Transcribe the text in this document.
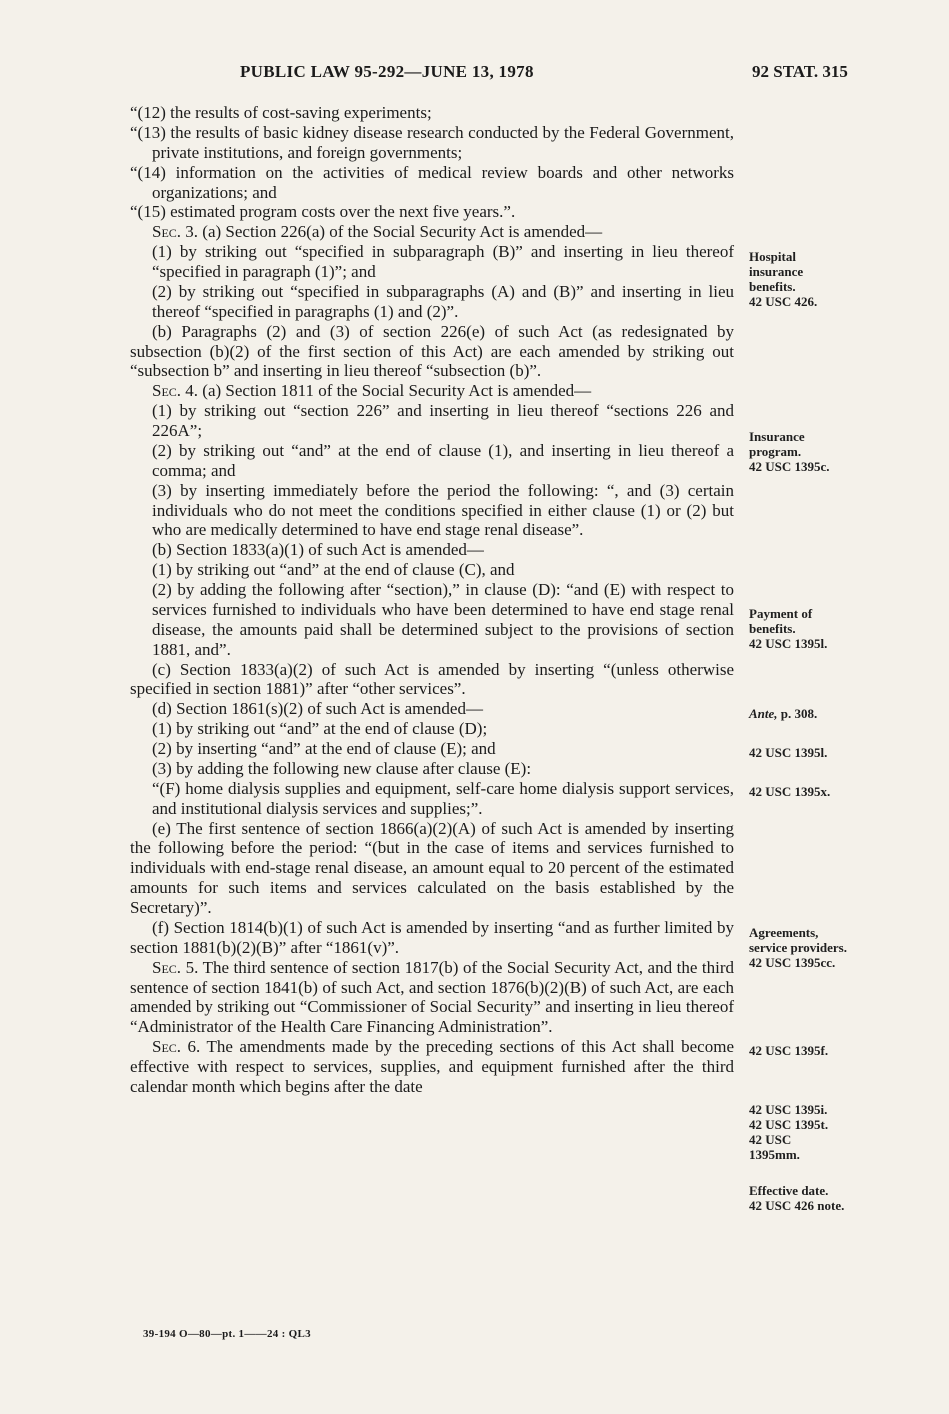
PUBLIC LAW 95-292—JUNE 13, 1978	92 STAT. 315

“(12) the results of cost-saving experiments;

“(13) the results of basic kidney disease research conducted by the Federal Government, private institutions, and foreign governments;

“(14) information on the activities of medical review boards and other networks organizations; and

“(15) estimated program costs over the next five years.”.

Sec. 3. (a) Section 226(a) of the Social Security Act is amended—

(1) by striking out “specified in subparagraph (B)” and inserting in lieu thereof “specified in paragraph (1)”; and

(2) by striking out “specified in subparagraphs (A) and (B)” and inserting in lieu thereof “specified in paragraphs (1) and (2)”.

(b) Paragraphs (2) and (3) of section 226(e) of such Act (as redesignated by subsection (b)(2) of the first section of this Act) are each amended by striking out “subsection b” and inserting in lieu thereof “subsection (b)”.

Sec. 4. (a) Section 1811 of the Social Security Act is amended—

(1) by striking out “section 226” and inserting in lieu thereof “sections 226 and 226A”;

(2) by striking out “and” at the end of clause (1), and inserting in lieu thereof a comma; and

(3) by inserting immediately before the period the following: “, and (3) certain individuals who do not meet the conditions specified in either clause (1) or (2) but who are medically determined to have end stage renal disease”.

(b) Section 1833(a)(1) of such Act is amended—

(1) by striking out “and” at the end of clause (C), and

(2) by adding the following after “section),” in clause (D): “and (E) with respect to services furnished to individuals who have been determined to have end stage renal disease, the amounts paid shall be determined subject to the provisions of section 1881, and”.

(c) Section 1833(a)(2) of such Act is amended by inserting “(unless otherwise specified in section 1881)” after “other services”.

(d) Section 1861(s)(2) of such Act is amended—

(1) by striking out “and” at the end of clause (D);

(2) by inserting “and” at the end of clause (E); and

(3) by adding the following new clause after clause (E):

“(F) home dialysis supplies and equipment, self-care home dialysis support services, and institutional dialysis services and supplies;”.

(e) The first sentence of section 1866(a)(2)(A) of such Act is amended by inserting the following before the period: “(but in the case of items and services furnished to individuals with end-stage renal disease, an amount equal to 20 percent of the estimated amounts for such items and services calculated on the basis established by the Secretary)”.

(f) Section 1814(b)(1) of such Act is amended by inserting “and as further limited by section 1881(b)(2)(B)” after “1861(v)”.

Sec. 5. The third sentence of section 1817(b) of the Social Security Act, and the third sentence of section 1841(b) of such Act, and section 1876(b)(2)(B) of such Act, are each amended by striking out “Commissioner of Social Security” and inserting in lieu thereof “Administrator of the Health Care Financing Administration”.

Sec. 6. The amendments made by the preceding sections of this Act shall become effective with respect to services, supplies, and equipment furnished after the third calendar month which begins after the date

Hospital
insurance
benefits.
42 USC 426.
Insurance
program.
42 USC 1395c.
Payment of
benefits.
42 USC 1395l.
Ante, p. 308.
42 USC 1395l.
42 USC 1395x.
Agreements,
service providers.
42 USC 1395cc.
42 USC 1395f.
42 USC 1395i.
42 USC 1395t.
42 USC
1395mm.
Effective date.
42 USC 426 note.
39-194 O—80—pt. 1——24 : QL3
